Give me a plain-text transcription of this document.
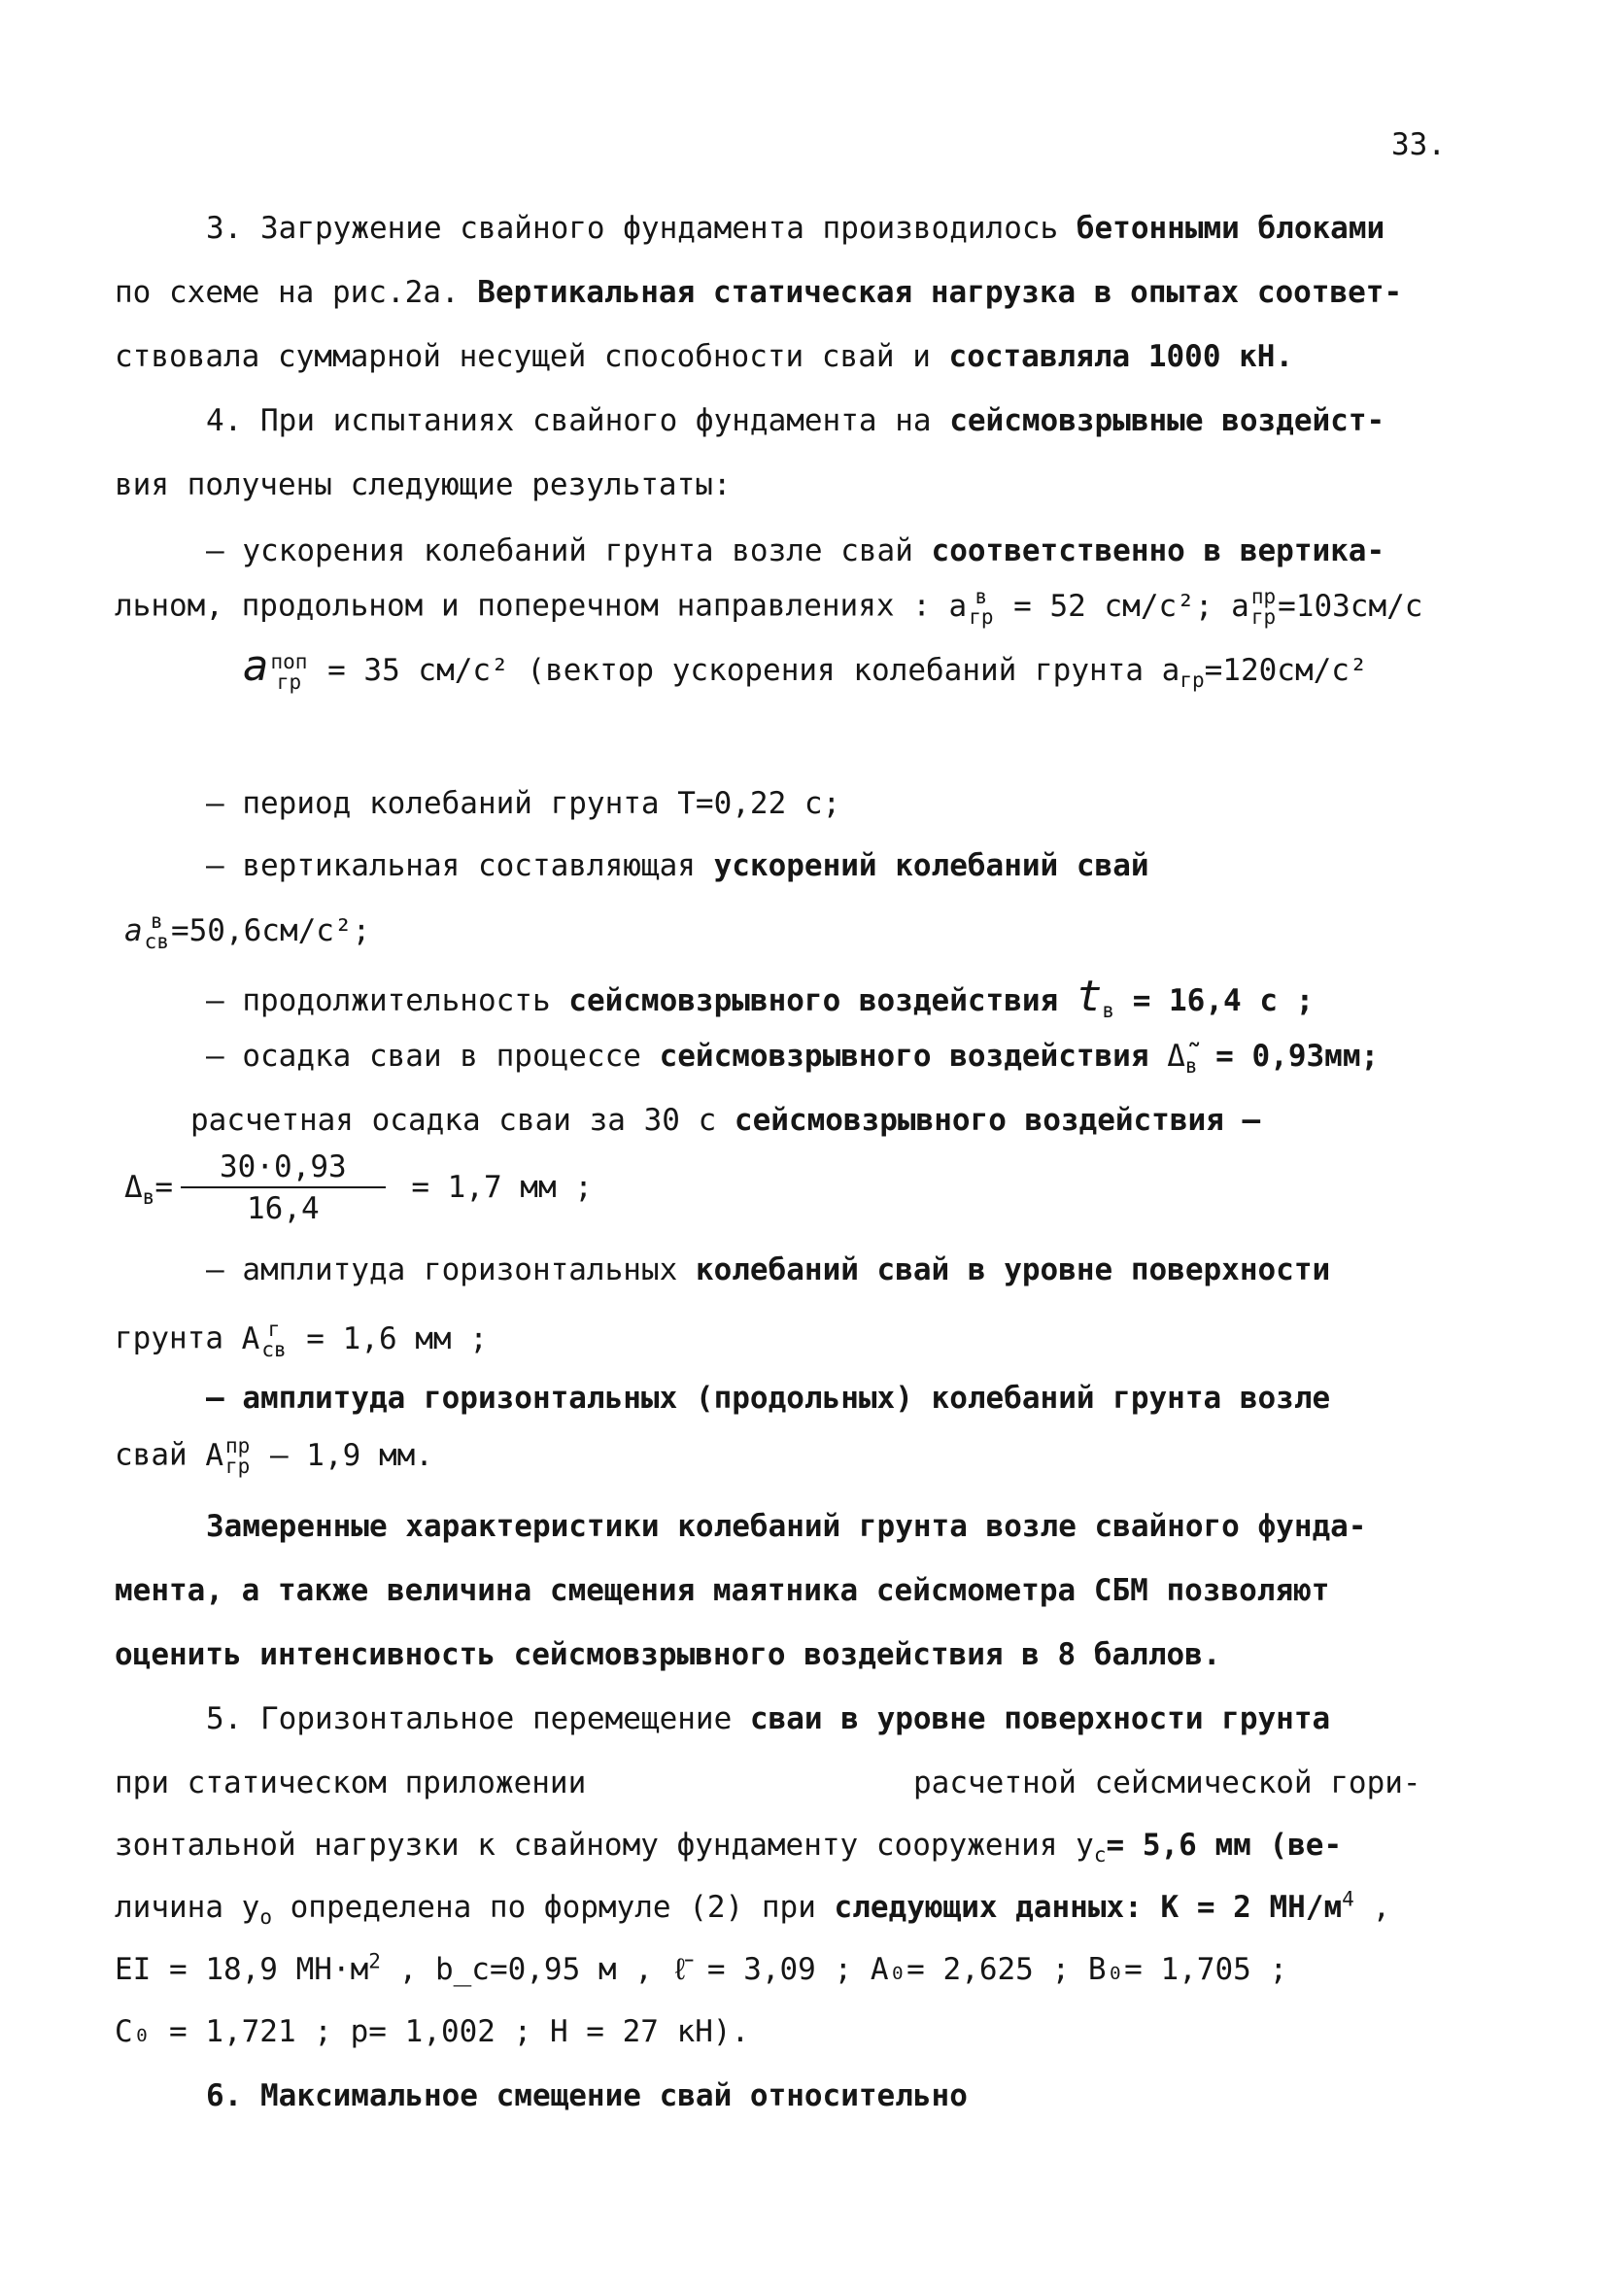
33.
3. Загружение свайного фундамента производилось бетонными блоками
по схеме на рис.2а. Вертикальная статическая нагрузка в опытах соответ-
ствовала суммарной несущей способности свай и составляла 1000 кН.
4. При испытаниях свайного фундамента на сейсмовзрывные воздейст-
вия получены следующие результаты:
– ускорения колебаний грунта возле свай соответственно в вертика-
льном, продольном и поперечном направлениях : a в
гр = 52 см/с²; a пр
гр =103см/с
a поп
гр = 35 см/с² (вектор ускорения колебаний грунта $a_{гр}=120см/с^2$
– период колебаний грунта T=0,22 с;
– вертикальная составляющая ускорений колебаний свай
a в
св =50,6см/с²;
– продолжительность сейсмовзрывного воздействия $t_в = 16,4$ с ;
– осадка сваи в процессе сейсмовзрывного воздействия $\Deltã_в = 0,93мм$;
расчетная осадка сваи за 30 с сейсмовзрывного воздействия –
$\Delta_в= \frac{30\cdot 0,93}{16,4} = 1,7$ мм ;
– амплитуда горизонтальных колебаний свай в уровне поверхности
грунта A г
св = 1,6 мм ;
– амплитуда горизонтальных (продольных) колебаний грунта возле
свай A пр
гр – 1,9 мм.
Замеренные характеристики колебаний грунта возле свайного фунда-
мента, а также величина смещения маятника сейсмометра СБМ позволяют
оценить интенсивность сейсмовзрывного воздействия в 8 баллов.
5. Горизонтальное перемещение сваи в уровне поверхности грунта
при статическом приложении	расчетной сейсмической гори-
зонтальной нагрузки к свайному фундаменту сооружения $y_c= 5,6$ мм (ве-
личина $y_o$ определена по формуле (2) при следующих данных: K = 2 $МН/м^4$ ,
EI = 18,9 $МН\cdot м^2$ , b_c=0,95 м , ℓ̄ = 3,09 ; A₀= 2,625 ; B₀= 1,705 ;
C₀ = 1,721 ; p= 1,002 ; H = 27 кН).
6. Максимальное смещение свай относительно
